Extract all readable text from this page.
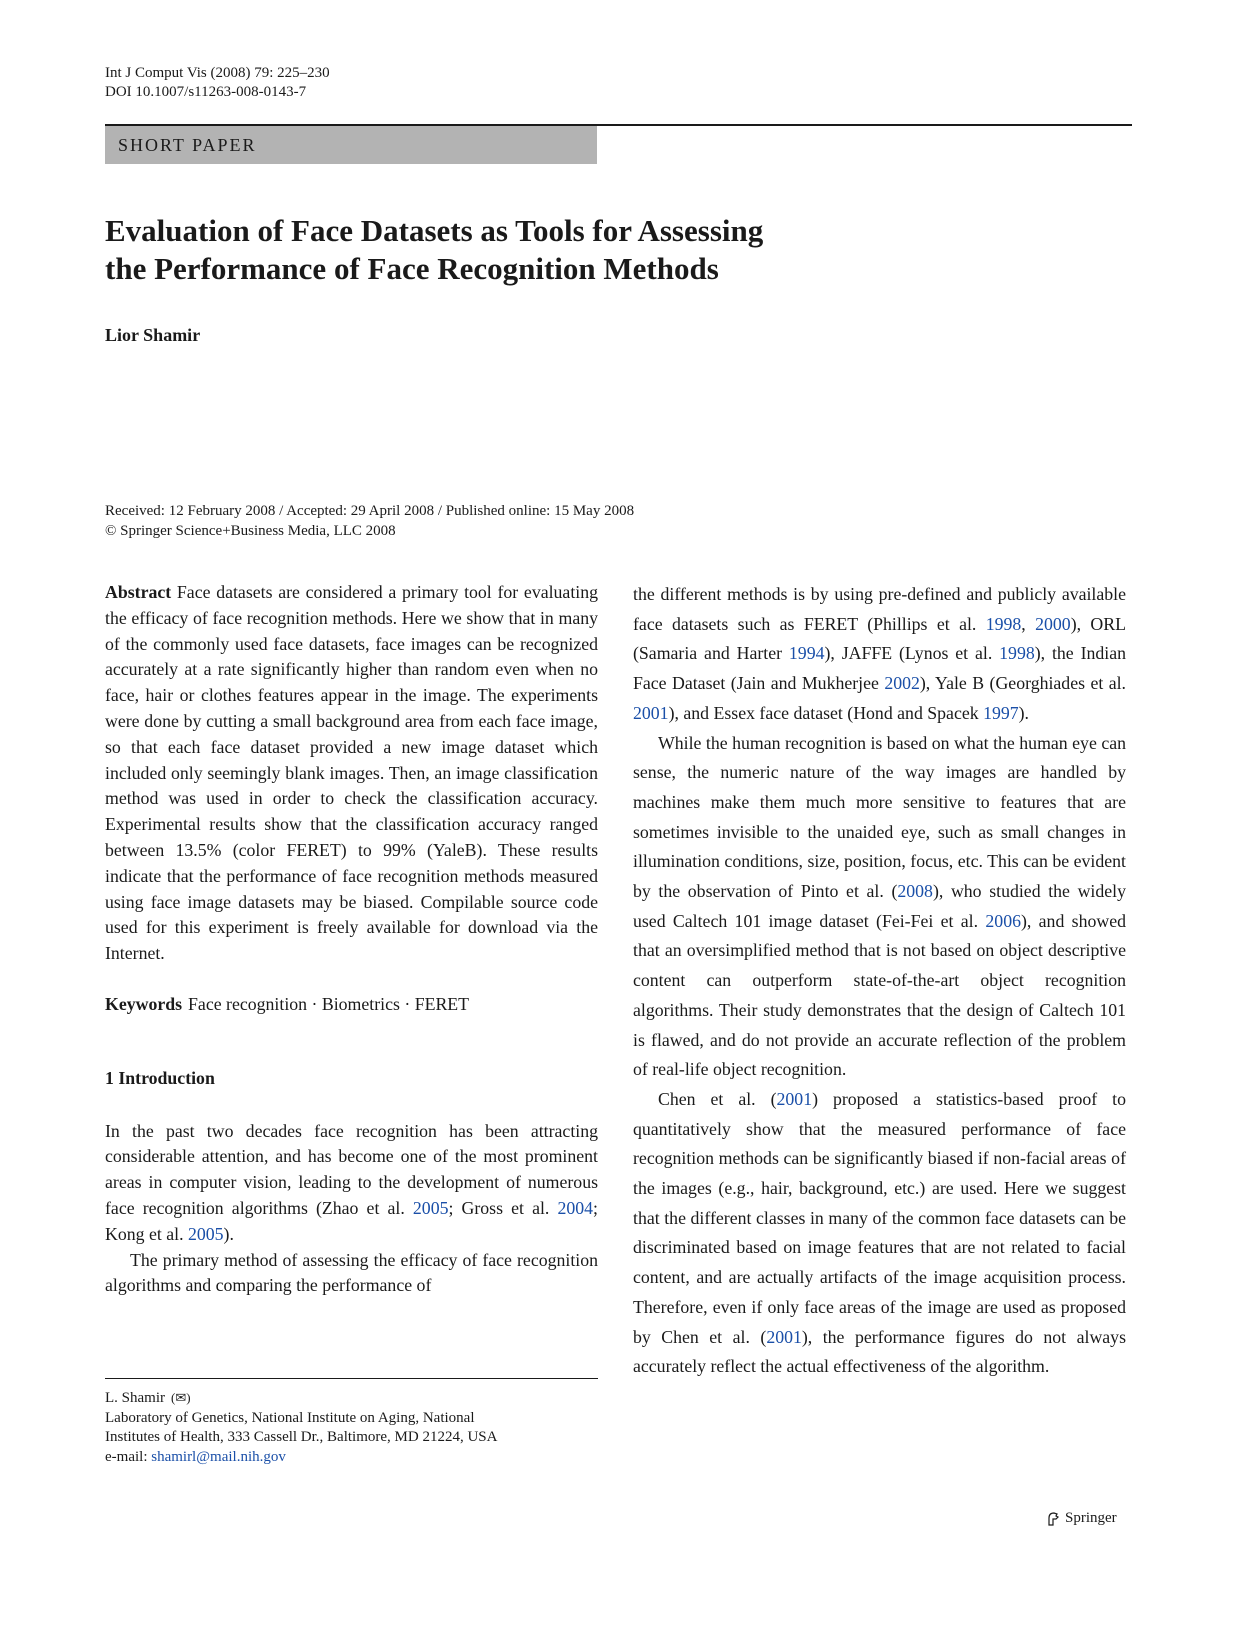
Int J Comput Vis (2008) 79: 225–230
DOI 10.1007/s11263-008-0143-7
SHORT PAPER
Evaluation of Face Datasets as Tools for Assessing
the Performance of Face Recognition Methods
Lior Shamir
Received: 12 February 2008 / Accepted: 29 April 2008 / Published online: 15 May 2008
© Springer Science+Business Media, LLC 2008

Abstract Face datasets are considered a primary tool for evaluating the efficacy of face recognition methods. Here we show that in many of the commonly used face datasets, face images can be recognized accurately at a rate significantly higher than random even when no face, hair or clothes features appear in the image. The experiments were done by cutting a small background area from each face image, so that each face dataset provided a new image dataset which included only seemingly blank images. Then, an image classification method was used in order to check the classification accuracy. Experimental results show that the classification accuracy ranged between 13.5% (color FERET) to 99% (YaleB). These results indicate that the performance of face recognition methods measured using face image datasets may be biased. Compilable source code used for this experiment is freely available for download via the Internet.

Keywords Face recognition · Biometrics · FERET

1 Introduction

In the past two decades face recognition has been attracting considerable attention, and has become one of the most prominent areas in computer vision, leading to the development of numerous face recognition algorithms (Zhao et al. 2005; Gross et al. 2004; Kong et al. 2005).

The primary method of assessing the efficacy of face recognition algorithms and comparing the performance of

the different methods is by using pre-defined and publicly available face datasets such as FERET (Phillips et al. 1998, 2000), ORL (Samaria and Harter 1994), JAFFE (Lynos et al. 1998), the Indian Face Dataset (Jain and Mukherjee 2002), Yale B (Georghiades et al. 2001), and Essex face dataset (Hond and Spacek 1997).

While the human recognition is based on what the human eye can sense, the numeric nature of the way images are handled by machines make them much more sensitive to features that are sometimes invisible to the unaided eye, such as small changes in illumination conditions, size, position, focus, etc. This can be evident by the observation of Pinto et al. (2008), who studied the widely used Caltech 101 image dataset (Fei-Fei et al. 2006), and showed that an oversimplified method that is not based on object descriptive content can outperform state-of-the-art object recognition algorithms. Their study demonstrates that the design of Caltech 101 is flawed, and do not provide an accurate reflection of the problem of real-life object recognition.

Chen et al. (2001) proposed a statistics-based proof to quantitatively show that the measured performance of face recognition methods can be significantly biased if non-facial areas of the images (e.g., hair, background, etc.) are used. Here we suggest that the different classes in many of the common face datasets can be discriminated based on image features that are not related to facial content, and are actually artifacts of the image acquisition process. Therefore, even if only face areas of the image are used as proposed by Chen et al. (2001), the performance figures do not always accurately reflect the actual effectiveness of the algorithm.

L. Shamir (✉)
Laboratory of Genetics, National Institute on Aging, National
Institutes of Health, 333 Cassell Dr., Baltimore, MD 21224, USA
e-mail: shamirl@mail.nih.gov
Springer
